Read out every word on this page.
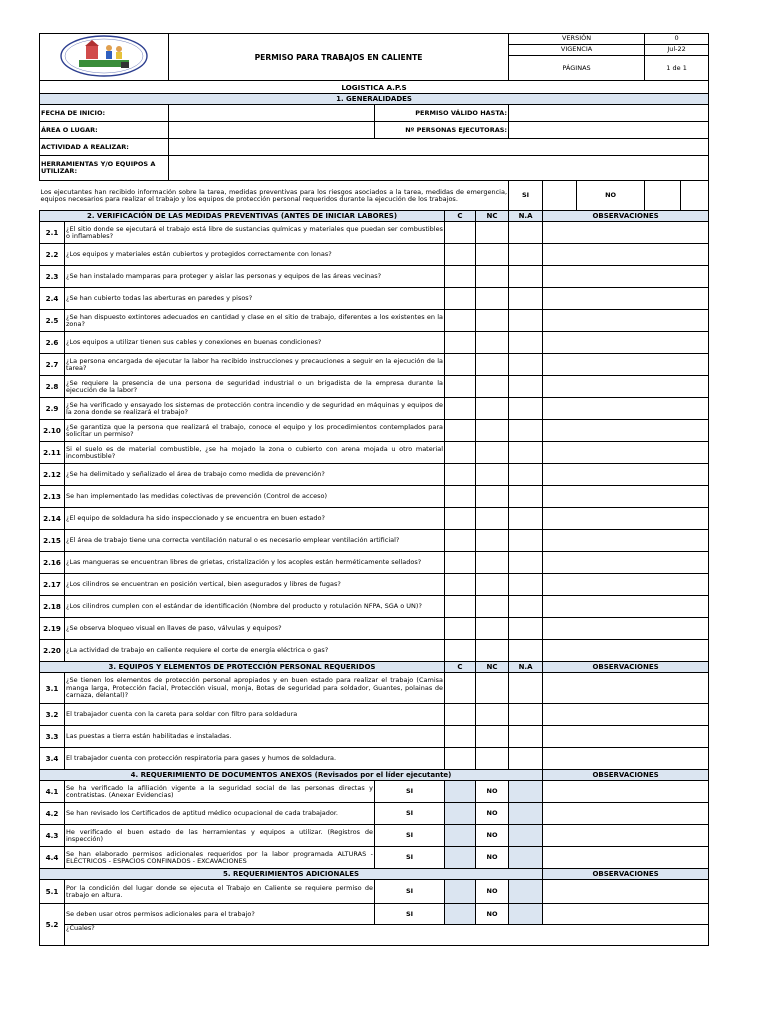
	PERMISO PARA TRABAJOS EN CALIENTE				VERSIÓN			0	
						VIGENCIA			Jul-22	
						PÁGINAS			1 de 1	
LOGISTICA A.P.S										
1. GENERALIDADES										
FECHA DE INICIO:			PERMISO VÁLIDO HASTA:							
ÁREA O LUGAR:			Nº PERSONAS EJECUTORAS:							
ACTIVIDAD A REALIZAR:										
HERRAMIENTAS Y/O EQUIPOS A UTILIZAR:										
Los ejecutantes han recibido información sobre la tarea, medidas preventivas para los riesgos asociados a la tarea, medidas de emergencia, equipos necesarios para realizar el trabajo y los equipos de protección personal requeridos durante la ejecución de los trabajos.						SI		NO		
2. VERIFICACIÓN DE LAS MEDIDAS PREVENTIVAS (ANTES DE INICIAR LABORES)				C	NC	N.A	OBSERVACIONES			
2.1	¿El sitio donde se ejecutará el trabajo está libre de sustancias químicas y materiales que puedan ser combustibles o inflamables?									
2.2	¿Los equipos y materiales están cubiertos y protegidos correctamente con lonas?									
2.3	¿Se han instalado mamparas para proteger y aislar las personas y equipos de las áreas vecinas?									
2.4	¿Se han cubierto todas las aberturas en paredes y pisos?									
2.5	¿Se han dispuesto extintores adecuados en cantidad y clase en el sitio de trabajo, diferentes a los existentes en la zona?									
2.6	¿Los equipos a utilizar tienen sus cables y conexiones en buenas condiciones?									
2.7	¿La persona encargada de ejecutar la labor ha recibido instrucciones y precauciones a seguir en la ejecución de la tarea?									
2.8	¿Se requiere la presencia de una persona de seguridad industrial o un brigadista de la empresa durante la ejecución de la labor?									
2.9	¿Se ha verificado y ensayado los sistemas de protección contra incendio y de seguridad en máquinas y equipos de la zona donde se realizará el trabajo?									
2.10	¿Se garantiza que la persona que realizará el trabajo, conoce el equipo y los procedimientos contemplados para solicitar un permiso?									
2.11	Si el suelo es de material combustible, ¿se ha mojado la zona o cubierto con arena mojada u otro material incombustible?									
2.12	¿Se ha delimitado y señalizado el área de trabajo como medida de prevención?									
2.13	Se han implementado las medidas colectivas de prevención (Control de acceso)									
2.14	¿El equipo de soldadura ha sido inspeccionado y se encuentra en buen estado?									
2.15	¿El área de trabajo tiene una correcta ventilación natural o es necesario emplear ventilación artificial?									
2.16	¿Las mangueras se encuentran libres de grietas, cristalización y los acoples están herméticamente sellados?									
2.17	¿Los cilindros se encuentran en posición vertical, bien asegurados y libres de fugas?									
2.18	¿Los cilindros cumplen con el estándar de identificación (Nombre del producto y rotulación NFPA, SGA o UN)?									
2.19	¿Se observa bloqueo visual en llaves de paso, válvulas y equipos?									
2.20	¿La actividad de trabajo en caliente requiere el corte de energía eléctrica o gas?									
3. EQUIPOS Y ELEMENTOS DE PROTECCIÓN PERSONAL REQUERIDOS				C	NC	N.A	OBSERVACIONES			
3.1	¿Se tienen los elementos de protección personal apropiados y en buen estado para realizar el trabajo (Camisa manga larga, Protección facial, Protección visual, monja, Botas de seguridad para soldador, Guantes, polainas de carnaza, delantal)?									
3.2	El trabajador cuenta con la careta para soldar con filtro para soldadura									
3.3	Las puestas a tierra están habilitadas e instaladas.									
3.4	El trabajador cuenta con protección respiratoria para gases y humos de soldadura.									
4. REQUERIMIENTO DE DOCUMENTOS ANEXOS (Revisados por el líder ejecutante)							OBSERVACIONES			
4.1	Se ha verificado la afiliación vigente a la seguridad social de las personas directas y contratistas. (Anexar Evidencias)		SI		NO					
4.2	Se han revisado los Certificados de aptitud médico ocupacional de cada trabajador.		SI		NO					
4.3	He verificado el buen estado de las herramientas y equipos a utilizar. (Registros de inspección)		SI		NO					
4.4	Se han elaborado permisos adicionales requeridos por la labor programada ALTURAS - ELÉCTRICOS - ESPACIOS CONFINADOS - EXCAVACIONES		SI		NO					
5. REQUERIMIENTOS ADICIONALES							OBSERVACIONES			
5.1	Por la condición del lugar donde se ejecuta el Trabajo en Caliente se requiere permiso de trabajo en altura.		SI		NO					
5.2	Se deben usar otros permisos adicionales para el trabajo?		SI		NO					
	¿Cuales?									
